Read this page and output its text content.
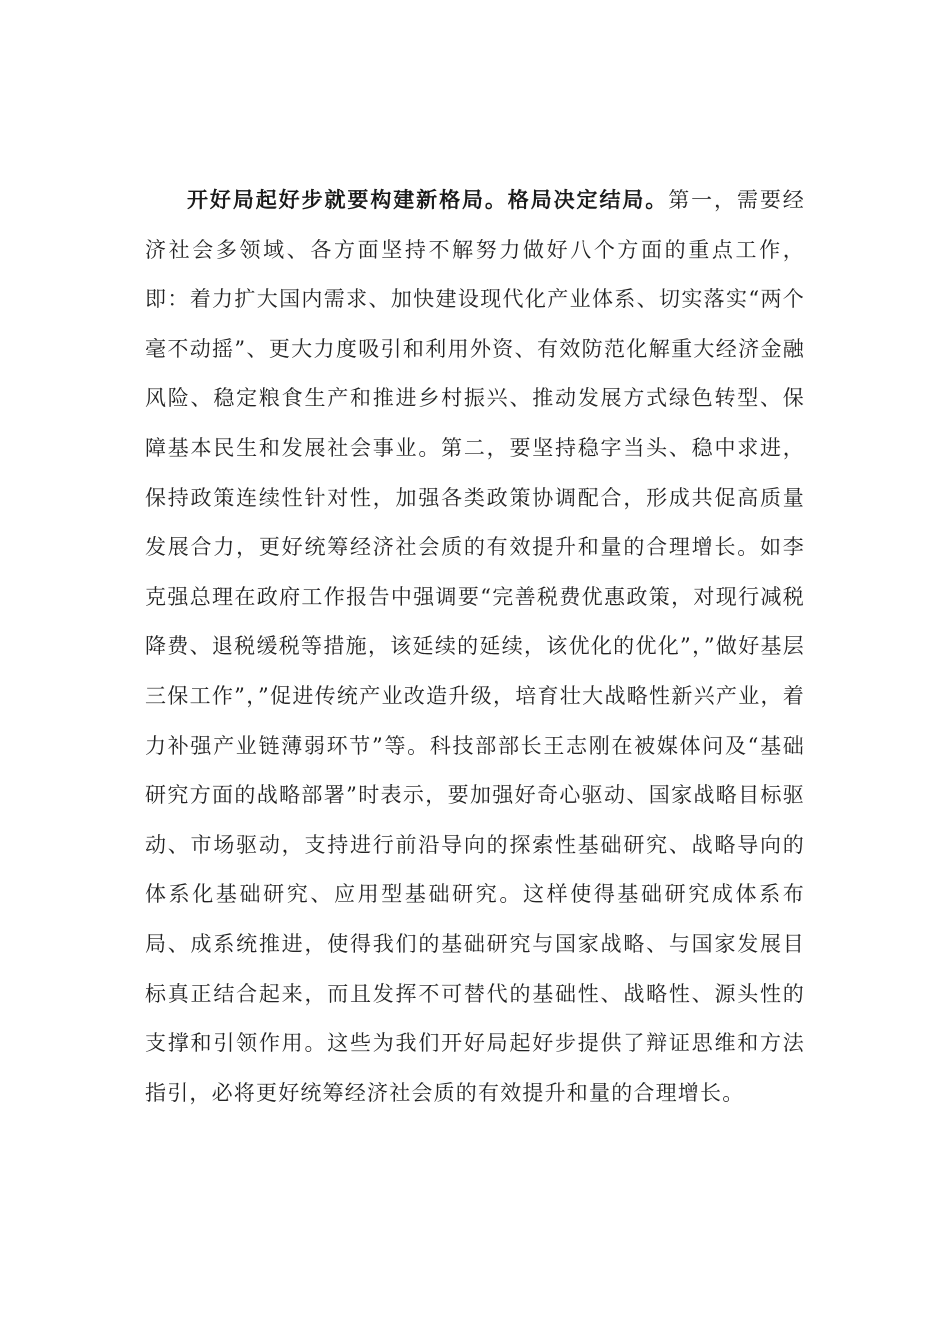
开好局起好步就要构建新格局。格局决定结局。第一，需要经济社会多领域、各方面坚持不解努力做好八个方面的重点工作，即：着力扩大国内需求、加快建设现代化产业体系、切实落实“两个毫不动摇”、更大力度吸引和利用外资、有效防范化解重大经济金融风险、稳定粮食生产和推进乡村振兴、推动发展方式绿色转型、保障基本民生和发展社会事业。第二，要坚持稳字当头、稳中求进，保持政策连续性针对性，加强各类政策协调配合，形成共促高质量发展合力，更好统筹经济社会质的有效提升和量的合理增长。如李克强总理在政府工作报告中强调要“完善税费优惠政策，对现行减税降费、退税缓税等措施，该延续的延续，该优化的优化”，”做好基层三保工作”，”促进传统产业改造升级，培育壮大战略性新兴产业，着力补强产业链薄弱环节”等。科技部部长王志刚在被媒体问及“基础研究方面的战略部署”时表示，要加强好奇心驱动、国家战略目标驱动、市场驱动，支持进行前沿导向的探索性基础研究、战略导向的体系化基础研究、应用型基础研究。这样使得基础研究成体系布局、成系统推进，使得我们的基础研究与国家战略、与国家发展目标真正结合起来，而且发挥不可替代的基础性、战略性、源头性的支撑和引领作用。这些为我们开好局起好步提供了辩证思维和方法指引，必将更好统筹经济社会质的有效提升和量的合理增长。
